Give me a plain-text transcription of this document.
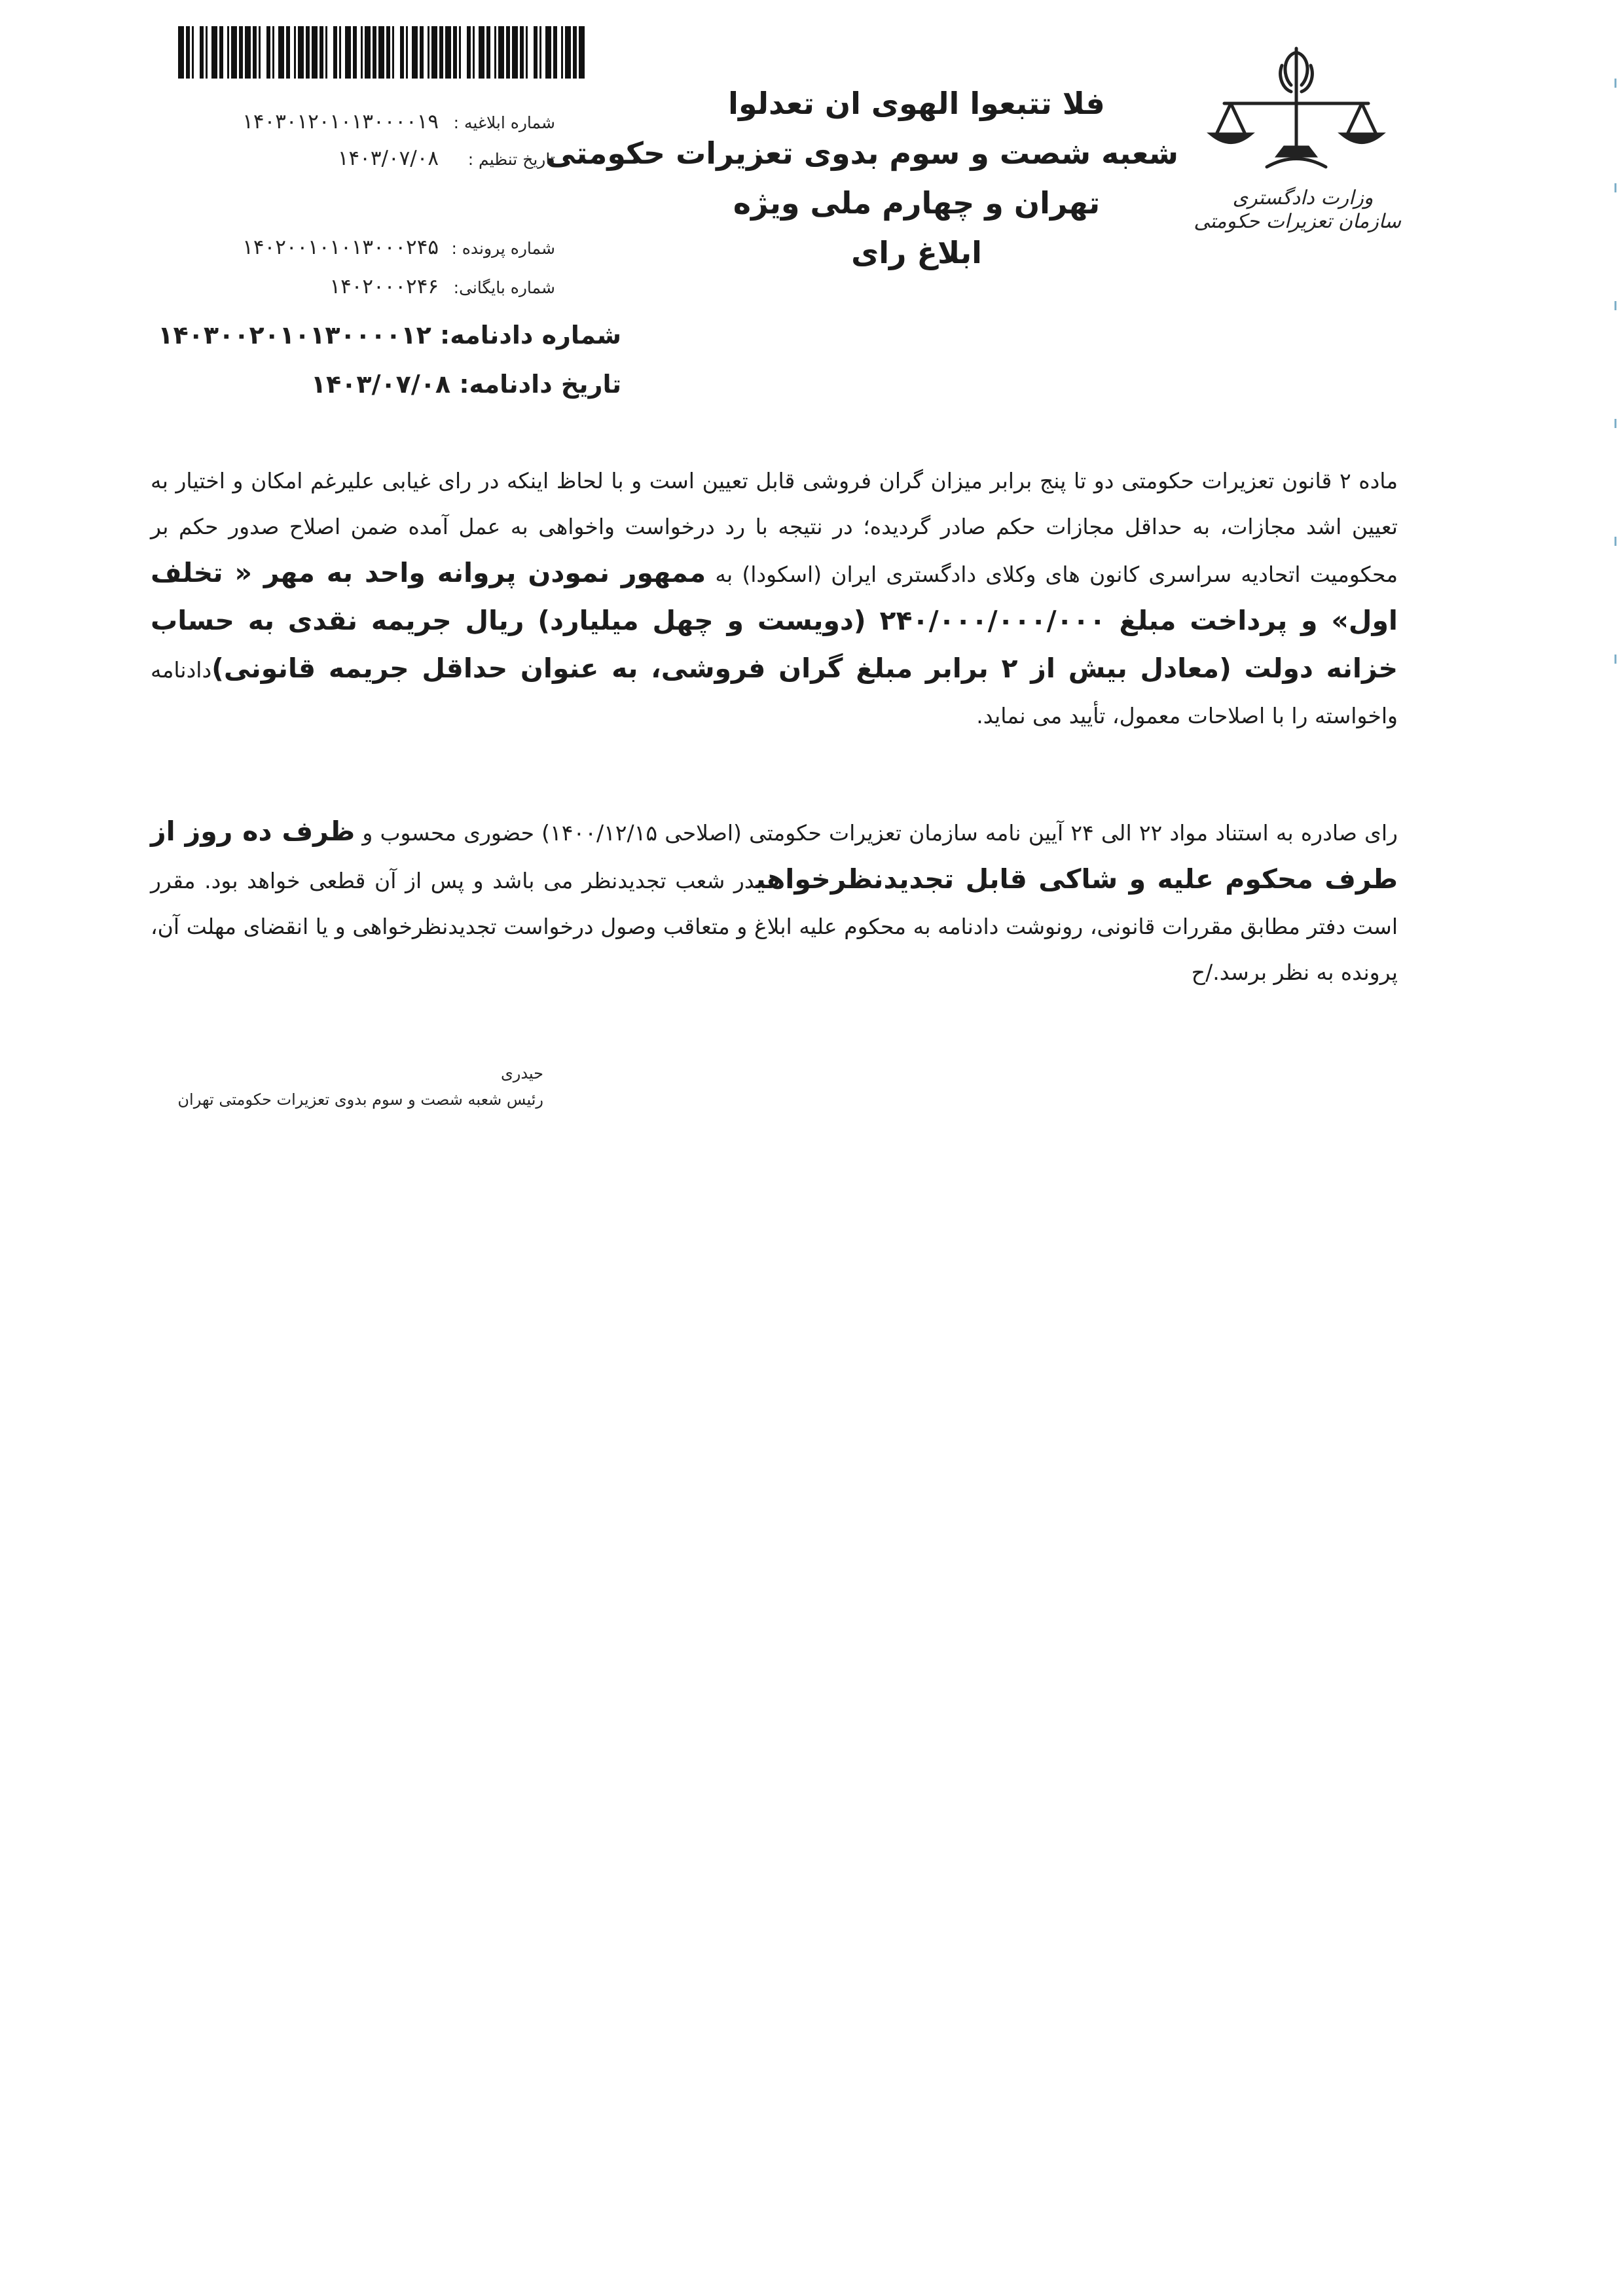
وزارت دادگستری
سازمان تعزیرات حکومتی
فلا تتبعوا الهوی ان تعدلوا
شعبه شصت و سوم بدوی تعزیرات حکومتی
تهران و چهارم ملی ویژه
ابلاغ رای
شماره ابلاغیه : ۱۴۰۳۰۱۲۰۱۰۱۳۰۰۰۰۱۹
تاریخ تنظیم : ۱۴۰۳/۰۷/۰۸
شماره پرونده : ۱۴۰۲۰۰۱۰۱۰۱۳۰۰۰۲۴۵
شماره بایگانی: ۱۴۰۲۰۰۰۲۴۶
شماره دادنامه: ۱۴۰۳۰۰۲۰۱۰۱۳۰۰۰۰۱۲
تاریخ دادنامه: ۱۴۰۳/۰۷/۰۸
ماده ۲ قانون تعزیرات حکومتی دو تا پنج برابر میزان گران فروشی قابل تعیین است و با لحاظ اینکه در رای غیابی علیرغم امکان و اختیار به تعیین اشد مجازات، به حداقل مجازات حکم صادر گردیده؛ در نتیجه با رد درخواست واخواهی به عمل آمده ضمن اصلاح صدور حکم بر محکومیت اتحادیه سراسری کانون های وکلای دادگستری ایران (اسکودا) به ممهور نمودن پروانه واحد به مهر « تخلف اول» و پرداخت مبلغ ۲۴۰/۰۰۰/۰۰۰/۰۰۰ (دویست و چهل میلیارد) ریال جریمه نقدی به حساب خزانه دولت (معادل بیش از ۲ برابر مبلغ گران فروشی، به عنوان حداقل جریمه قانونی)دادنامه واخواسته را با اصلاحات معمول، تأیید می نماید.
رای صادره به استناد مواد ۲۲ الی ۲۴ آیین نامه سازمان تعزیرات حکومتی (اصلاحی ۱۴۰۰/۱۲/۱۵) حضوری محسوب و ظرف ده روز از طرف محکوم علیه و شاکی قابل تجدیدنظرخواهیدر شعب تجدیدنظر می باشد و پس از آن قطعی خواهد بود. مقرر است دفتر مطابق مقررات قانونی، رونوشت دادنامه به محکوم علیه ابلاغ و متعاقب وصول درخواست تجدیدنظرخواهی و یا انقضای مهلت آن، پرونده به نظر برسد./ح
حیدری
رئیس شعبه شصت و سوم بدوی تعزیرات حکومتی تهران
